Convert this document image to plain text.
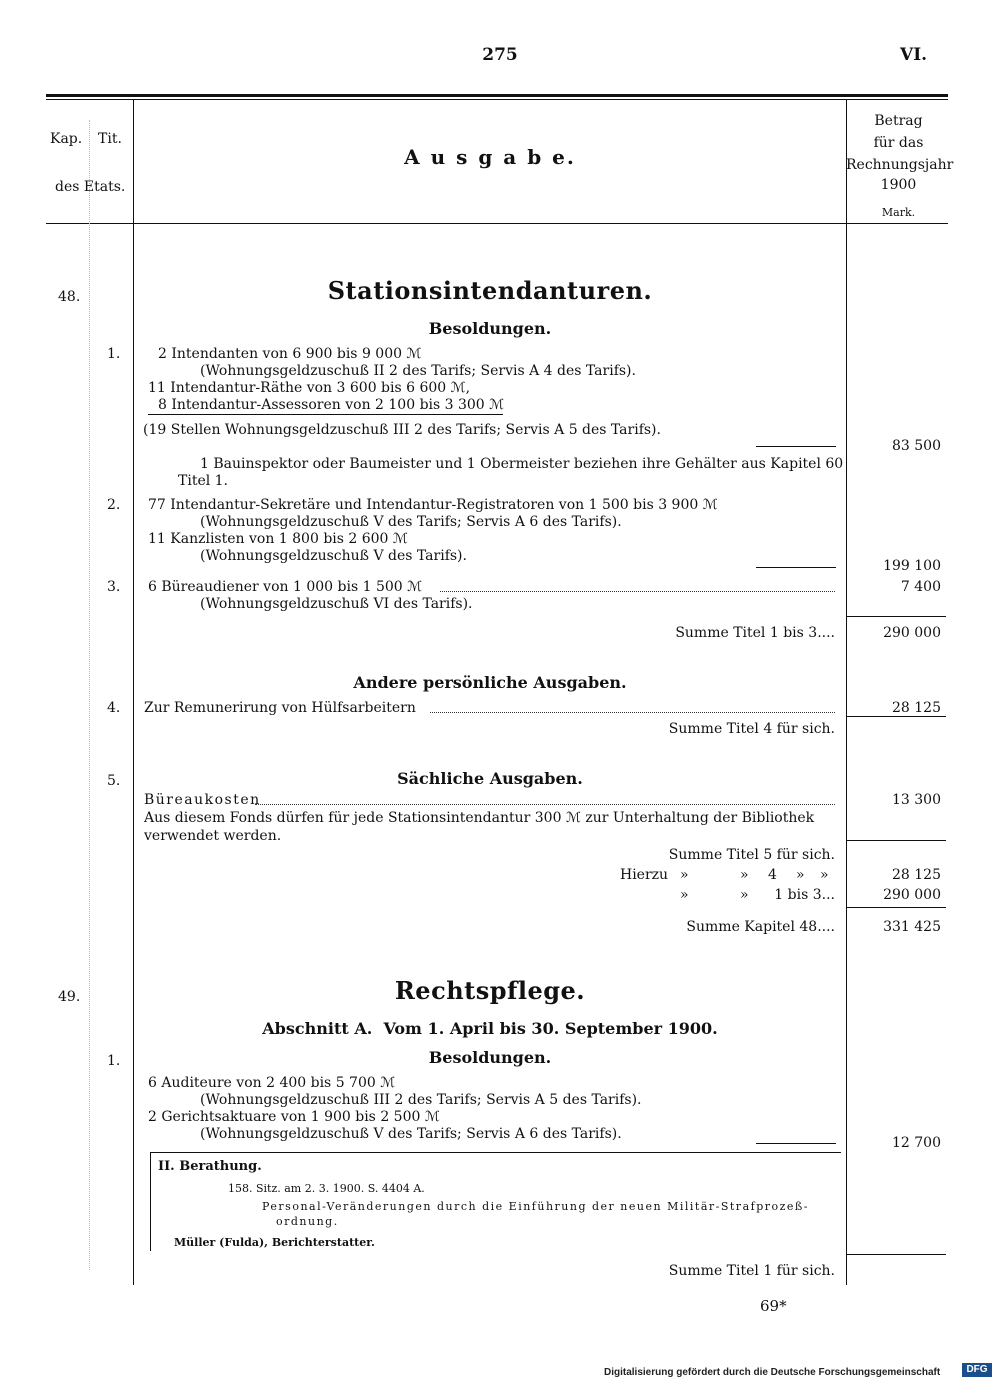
275	VI.
Kap. Tit.
des Etats.
A u s g a b e.
Betrag
für das
Rechnungsjahr
1900
Mark.
48.	Stationsintendanturen.
Besoldungen.
1.	2 Intendanten von 6 900 bis 9 000 ℳ
(Wohnungsgeldzuschuß II 2 des Tarifs; Servis A 4 des Tarifs).
11 Intendantur-Räthe von 3 600 bis 6 600 ℳ,
8 Intendantur-Assessoren von 2 100 bis 3 300 ℳ
(19 Stellen Wohnungsgeldzuschuß III 2 des Tarifs; Servis A 5 des Tarifs).
83 500
1 Bauinspektor oder Baumeister und 1 Obermeister beziehen ihre Gehälter aus Kapitel 60
Titel 1.
2. 77 Intendantur-Sekretäre und Intendantur-Registratoren von 1 500 bis 3 900 ℳ
(Wohnungsgeldzuschuß V des Tarifs; Servis A 6 des Tarifs).
11 Kanzlisten von 1 800 bis 2 600 ℳ
(Wohnungsgeldzuschuß V des Tarifs).
199 100
3. 6 Büreaudiener von 1 000 bis 1 500 ℳ	7 400
(Wohnungsgeldzuschuß VI des Tarifs).
Summe Titel 1 bis 3....	290 000
Andere persönliche Ausgaben.
4. Zur Remunerirung von Hülfsarbeitern	28 125
Summe Titel 4 für sich.
5.	Sächliche Ausgaben.
Büreaukosten	13 300
Aus diesem Fonds dürfen für jede Stationsintendantur 300 ℳ zur Unterhaltung der Bibliothek
verwendet werden.
Summe Titel 5 für sich.
Hierzu »	» 4 » »	28 125
»	»	1 bis 3...	290 000
Summe Kapitel 48....	331 425
49.	Rechtspflege.
Abschnitt A.  Vom 1. April bis 30. September 1900.
Besoldungen.
1.
6 Auditeure von 2 400 bis 5 700 ℳ
(Wohnungsgeldzuschuß III 2 des Tarifs; Servis A 5 des Tarifs).
2 Gerichtsaktuare von 1 900 bis 2 500 ℳ
(Wohnungsgeldzuschuß V des Tarifs; Servis A 6 des Tarifs).
12 700
II. Berathung.
158. Sitz. am 2. 3. 1900. S. 4404 A.
Personal-Veränderungen durch die Einführung der neuen Militär-Strafprozeß-
ordnung.
Müller (Fulda), Berichterstatter.
Summe Titel 1 für sich.
69*
Digitalisierung gefördert durch die Deutsche Forschungsgemeinschaft	DFG
